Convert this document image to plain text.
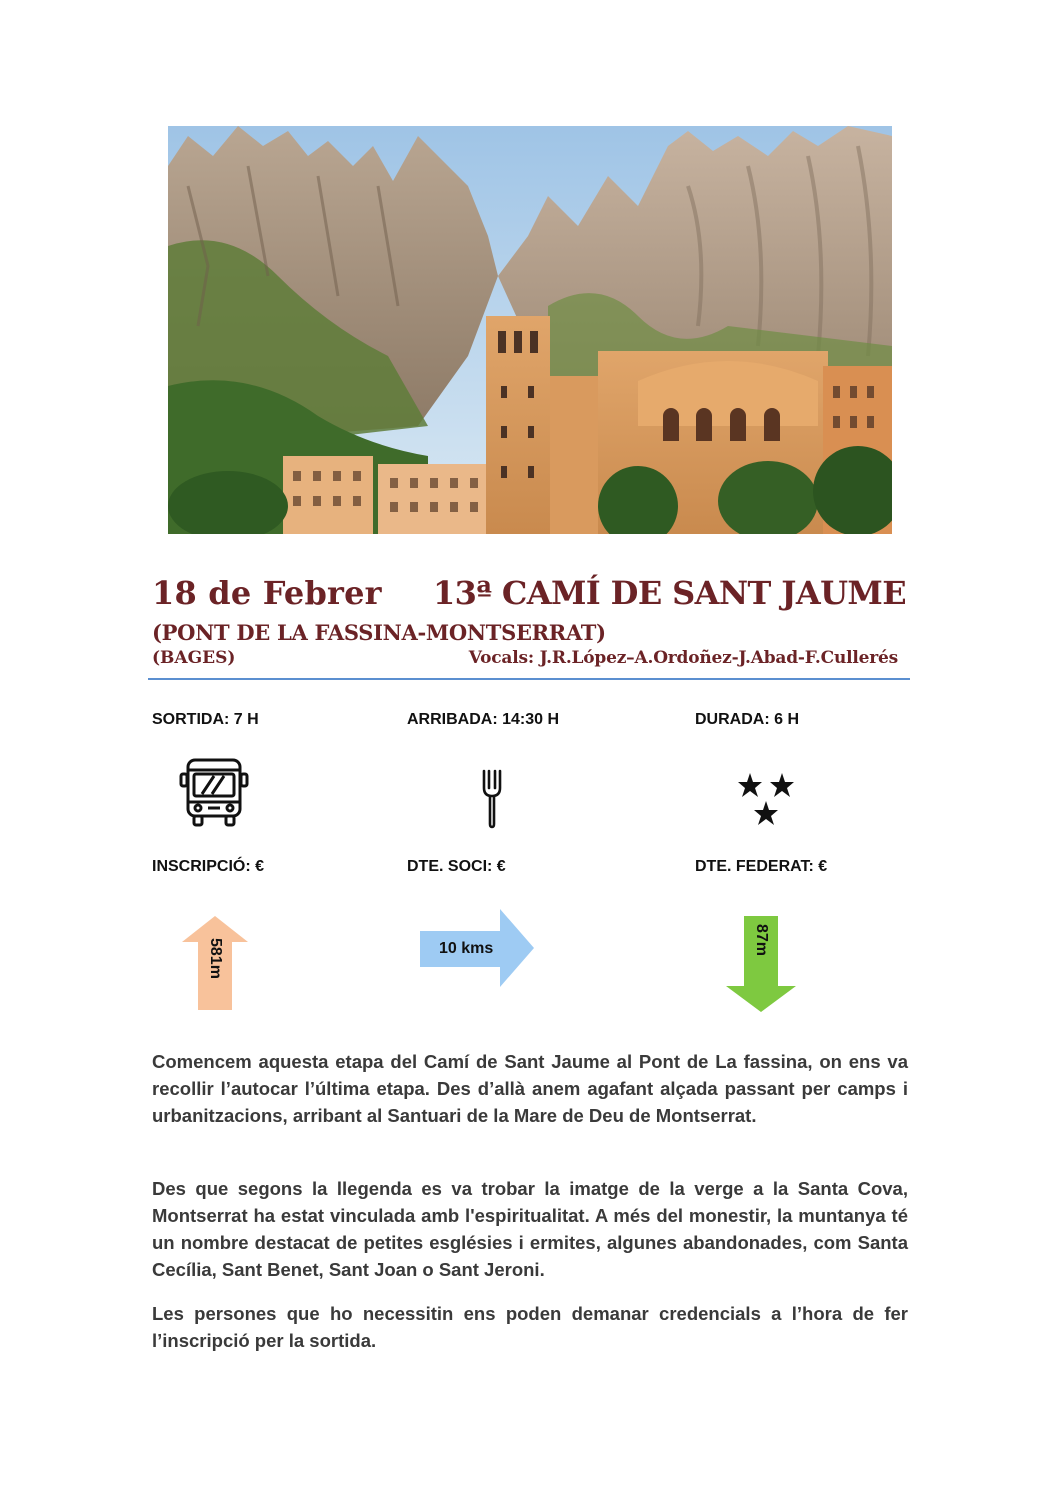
18 de Febrer 13ª CAMÍ DE SANT JAUME
(PONT DE LA FASSINA-MONTSERRAT)
(BAGES)	Vocals: J.R.López–A.Ordoñez-J.Abad-F.Cullerés
SORTIDA: 7 H	ARRIBADA: 14:30 H	DURADA: 6 H
INSCRIPCIÓ: €	DTE. SOCI: €	DTE. FEDERAT: €
581m	10 kms	87m

Comencem aquesta etapa del Camí de Sant Jaume al Pont de La fassina, on ens va recollir l’autocar l’última etapa. Des d’allà anem agafant alçada passant per camps i urbanitzacions, arribant al Santuari de la Mare de Deu de Montserrat.

Des que segons la llegenda es va trobar la imatge de la verge a la Santa Cova, Montserrat ha estat vinculada amb l'espiritualitat. A més del monestir, la muntanya té un nombre destacat de petites esglésies i ermites, algunes abandonades, com Santa Cecília, Sant Benet, Sant Joan o Sant Jeroni.

Les persones que ho necessitin ens poden demanar credencials a l’hora de fer l’inscripció per la sortida.
